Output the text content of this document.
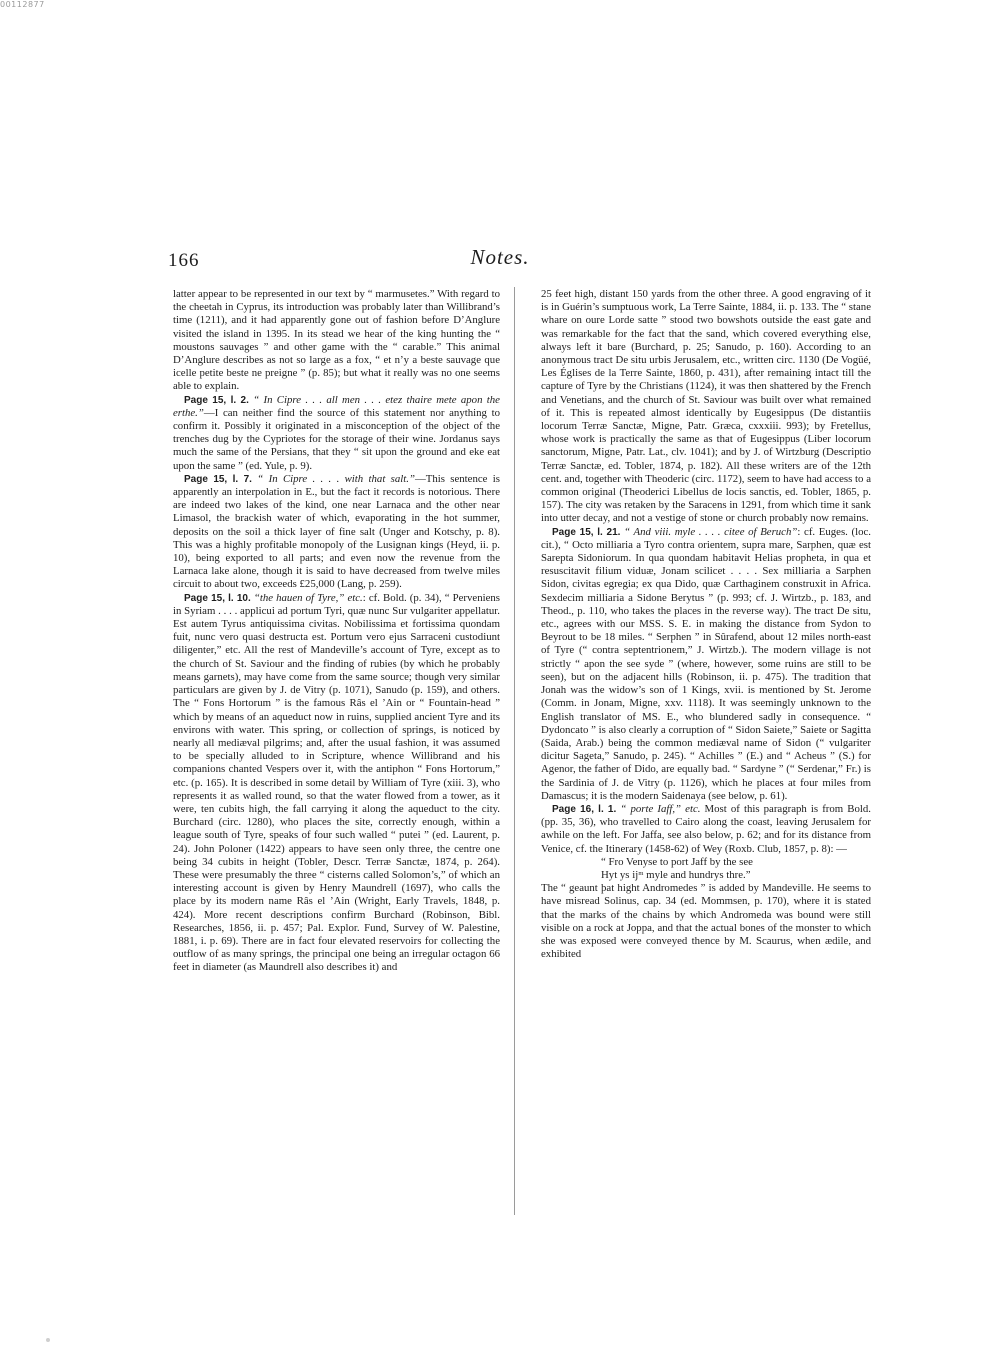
00112877
166	Notes.

latter appear to be represented in our text by “ marmusetes.” With regard to the cheetah in Cyprus, its introduction was probably later than Willibrand’s time (1211), and it had apparently gone out of fashion before D’Anglure visited the island in 1395. In its stead we hear of the king hunting the “ moustons sauvages ” and other game with the “ carable.” This animal D’Anglure describes as not so large as a fox, “ et n’y a beste sauvage que icelle petite beste ne preigne ” (p. 85); but what it really was no one seems able to explain.

Page 15, l. 2. “ In Cipre . . . all men . . . etez thaire mete apon the erthe.”—I can neither find the source of this statement nor anything to confirm it. Possibly it originated in a misconception of the object of the trenches dug by the Cypriotes for the storage of their wine. Jordanus says much the same of the Persians, that they “ sit upon the ground and eke eat upon the same ” (ed. Yule, p. 9).

Page 15, l. 7. “ In Cipre . . . . with that salt.”—This sentence is apparently an interpolation in E., but the fact it records is notorious. There are indeed two lakes of the kind, one near Larnaca and the other near Limasol, the brackish water of which, evaporating in the hot summer, deposits on the soil a thick layer of fine salt (Unger and Kotschy, p. 8). This was a highly profitable monopoly of the Lusignan kings (Heyd, ii. p. 10), being exported to all parts; and even now the revenue from the Larnaca lake alone, though it is said to have decreased from twelve miles circuit to about two, exceeds £25,000 (Lang, p. 259).

Page 15, l. 10. “the hauen of Tyre,” etc.: cf. Bold. (p. 34), “ Perveniens in Syriam . . . . applicui ad portum Tyri, quæ nunc Sur vulgariter appellatur. Est autem Tyrus antiquissima civitas. Nobilissima et fortissima quondam fuit, nunc vero quasi destructa est. Portum vero ejus Sarraceni custodiunt diligenter,” etc. All the rest of Mandeville’s account of Tyre, except as to the church of St. Saviour and the finding of rubies (by which he probably means garnets), may have come from the same source; though very similar particulars are given by J. de Vitry (p. 1071), Sanudo (p. 159), and others. The “ Fons Hortorum ” is the famous Râs el ’Ain or “ Fountain-head ” which by means of an aqueduct now in ruins, supplied ancient Tyre and its environs with water. This spring, or collection of springs, is noticed by nearly all mediæval pilgrims; and, after the usual fashion, it was assumed to be specially alluded to in Scripture, whence Willibrand and his companions chanted Vespers over it, with the antiphon “ Fons Hortorum,” etc. (p. 165). It is described in some detail by William of Tyre (xiii. 3), who represents it as walled round, so that the water flowed from a tower, as it were, ten cubits high, the fall carrying it along the aqueduct to the city. Burchard (circ. 1280), who places the site, correctly enough, within a league south of Tyre, speaks of four such walled “ putei ” (ed. Laurent, p. 24). John Poloner (1422) appears to have seen only three, the centre one being 34 cubits in height (Tobler, Descr. Terræ Sanctæ, 1874, p. 264). These were presumably the three “ cisterns called Solomon’s,” of which an interesting account is given by Henry Maundrell (1697), who calls the place by its modern name Râs el ’Ain (Wright, Early Travels, 1848, p. 424). More recent descriptions confirm Burchard (Robinson, Bibl. Researches, 1856, ii. p. 457; Pal. Explor. Fund, Survey of W. Palestine, 1881, i. p. 69). There are in fact four elevated reservoirs for collecting the outflow of as many springs, the principal one being an irregular octagon 66 feet in diameter (as Maundrell also describes it) and

25 feet high, distant 150 yards from the other three. A good engraving of it is in Guérin’s sumptuous work, La Terre Sainte, 1884, ii. p. 133. The “ stane whare on oure Lorde satte ” stood two bowshots outside the east gate and was remarkable for the fact that the sand, which covered everything else, always left it bare (Burchard, p. 25; Sanudo, p. 160). According to an anonymous tract De situ urbis Jerusalem, etc., written circ. 1130 (De Vogüé, Les Églises de la Terre Sainte, 1860, p. 431), after remaining intact till the capture of Tyre by the Christians (1124), it was then shattered by the French and Venetians, and the church of St. Saviour was built over what remained of it. This is repeated almost identically by Eugesippus (De distantiis locorum Terræ Sanctæ, Migne, Patr. Græca, cxxxiii. 993); by Fretellus, whose work is practically the same as that of Eugesippus (Liber locorum sanctorum, Migne, Patr. Lat., clv. 1041); and by J. of Wirtzburg (Descriptio Terræ Sanctæ, ed. Tobler, 1874, p. 182). All these writers are of the 12th cent. and, together with Theoderic (circ. 1172), seem to have had access to a common original (Theoderici Libellus de locis sanctis, ed. Tobler, 1865, p. 157). The city was retaken by the Saracens in 1291, from which time it sank into utter decay, and not a vestige of stone or church probably now remains.

Page 15, l. 21. “ And viii. myle . . . . citee of Beruch”: cf. Euges. (loc. cit.), “ Octo milliaria a Tyro contra orientem, supra mare, Sarphen, quæ est Sarepta Sidoniorum. In qua quondam habitavit Helias propheta, in qua et resuscitavit filium viduæ, Jonam scilicet . . . . Sex milliaria a Sarphen Sidon, civitas egregia; ex qua Dido, quæ Carthaginem construxit in Africa. Sexdecim milliaria a Sidone Berytus ” (p. 993; cf. J. Wirtzb., p. 183, and Theod., p. 110, who takes the places in the reverse way). The tract De situ, etc., agrees with our MSS. S. E. in making the distance from Sydon to Beyrout to be 18 miles. “ Serphen ” in Sûrafend, about 12 miles north-east of Tyre (“ contra septentrionem,” J. Wirtzb.). The modern village is not strictly “ apon the see syde ” (where, however, some ruins are still to be seen), but on the adjacent hills (Robinson, ii. p. 475). The tradition that Jonah was the widow’s son of 1 Kings, xvii. is mentioned by St. Jerome (Comm. in Jonam, Migne, xxv. 1118). It was seemingly unknown to the English translator of MS. E., who blundered sadly in consequence. “ Dydoncato ” is also clearly a corruption of “ Sidon Saiete,” Saiete or Sagitta (Saida, Arab.) being the common mediæval name of Sidon (“ vulgariter dicitur Sageta,” Sanudo, p. 245). “ Achilles ” (E.) and “ Acheus ” (S.) for Agenor, the father of Dido, are equally bad. “ Sardyne ” (“ Serdenar,” Fr.) is the Sardinia of J. de Vitry (p. 1126), which he places at four miles from Damascus; it is the modern Saidenaya (see below, p. 61).

Page 16, l. 1. “ porte Iaff,” etc. Most of this paragraph is from Bold. (pp. 35, 36), who travelled to Cairo along the coast, leaving Jerusalem for awhile on the left. For Jaffa, see also below, p. 62; and for its distance from Venice, cf. the Itinerary (1458-62) of Wey (Roxb. Club, 1857, p. 8): —

“ Fro Venyse to port Jaff by the see

Hyt ys ijᵐ myle and hundrys thre.”

The “ geaunt þat hight Andromedes ” is added by Mandeville. He seems to have misread Solinus, cap. 34 (ed. Mommsen, p. 170), where it is stated that the marks of the chains by which Andromeda was bound were still visible on a rock at Joppa, and that the actual bones of the monster to which she was exposed were conveyed thence by M. Scaurus, when ædile, and exhibited
